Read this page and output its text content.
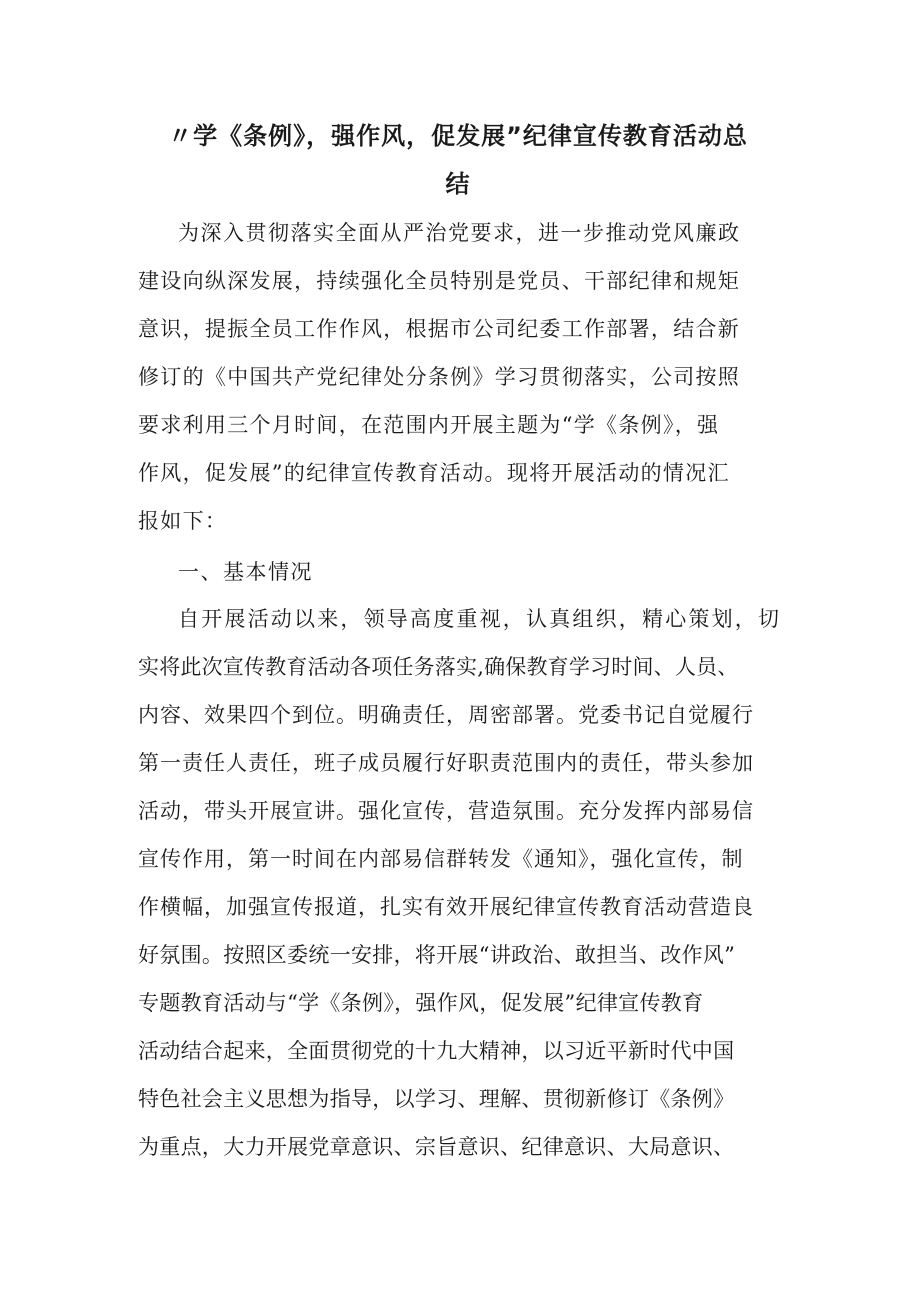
〃学《条例》，强作风，促发展”纪律宣传教育活动总
结
为深入贯彻落实全面从严治党要求，进一步推动党风廉政
建设向纵深发展，持续强化全员特别是党员、干部纪律和规矩
意识，提振全员工作作风，根据市公司纪委工作部署，结合新
修订的《中国共产党纪律处分条例》学习贯彻落实，公司按照
要求利用三个月时间，在范围内开展主题为“学《条例》，强
作风，促发展”的纪律宣传教育活动。现将开展活动的情况汇
报如下：
一、基本情况
自开展活动以来，领导高度重视，认真组织，精心策划，切
实将此次宣传教育活动各项任务落实,确保教育学习时间、人员、
内容、效果四个到位。明确责任，周密部署。党委书记自觉履行
第一责任人责任，班子成员履行好职责范围内的责任，带头参加
活动，带头开展宣讲。强化宣传，营造氛围。充分发挥内部易信
宣传作用，第一时间在内部易信群转发《通知》，强化宣传，制
作横幅，加强宣传报道，扎实有效开展纪律宣传教育活动营造良
好氛围。按照区委统一安排，将开展“讲政治、敢担当、改作风”
专题教育活动与“学《条例》，强作风，促发展”纪律宣传教育
活动结合起来，全面贯彻党的十九大精神，以习近平新时代中国
特色社会主义思想为指导，以学习、理解、贯彻新修订《条例》
为重点，大力开展党章意识、宗旨意识、纪律意识、大局意识、
